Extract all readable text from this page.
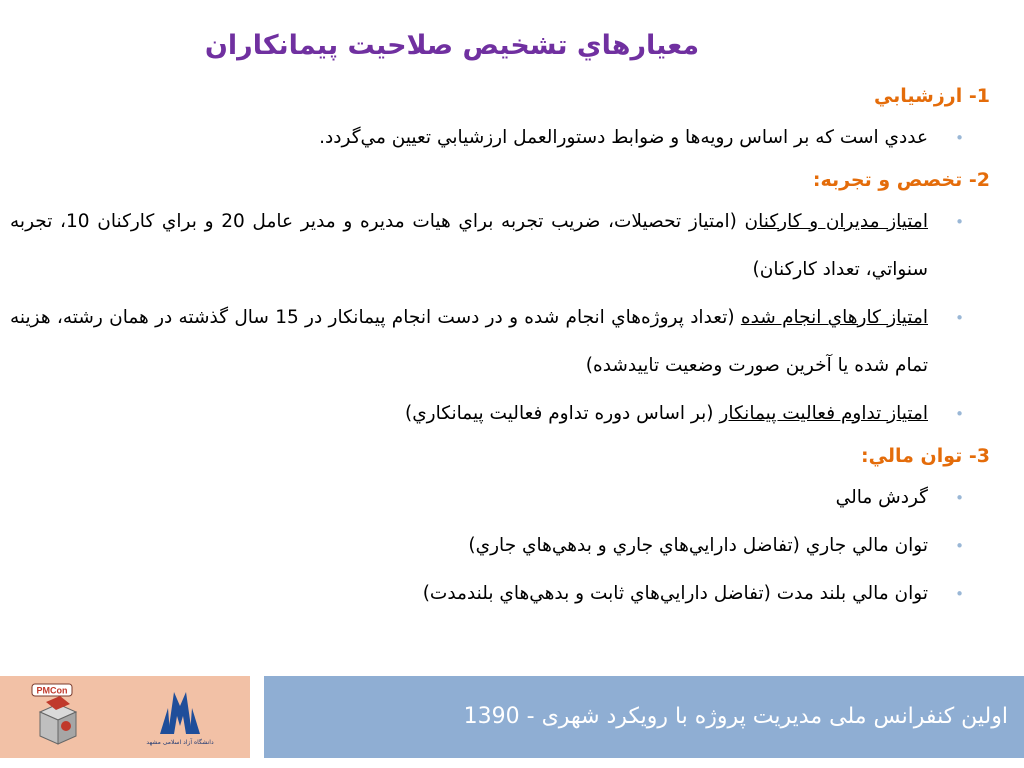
معيارهاي تشخيص صلاحيت پيمانكاران
1- ارزشيابي
•
عددي است كه بر اساس رويه‌ها و ضوابط دستورالعمل ارزشيابي تعيين مي‌گردد.
2- تخصص و تجربه:
•
امتياز مديران و كاركنان (امتياز تحصيلات، ضريب تجربه براي هيات مديره و مدير عامل 20 و براي كاركنان 10، تجربه سنواتي، تعداد كاركنان)
•
امتياز كارهاي انجام شده (تعداد پروژه‌هاي انجام شده و در دست انجام پيمانكار در 15 سال گذشته در همان رشته، هزينه تمام شده يا آخرين صورت وضعيت تاييدشده)
•
امتياز تداوم فعاليت پيمانكار (بر اساس دوره تداوم فعاليت پيمانكاري)
3- توان مالي:
•
گردش مالي
•
توان مالي جاري (تفاضل دارايي‌هاي جاري و بدهي‌هاي جاري)
•
توان مالي بلند مدت (تفاضل دارايي‌هاي ثابت و بدهي‌هاي بلندمدت)
PMCon
دانشگاه آزاد اسلامی مشهد
اولین کنفرانس ملی مدیریت پروژه با رویکرد شهری - 1390
